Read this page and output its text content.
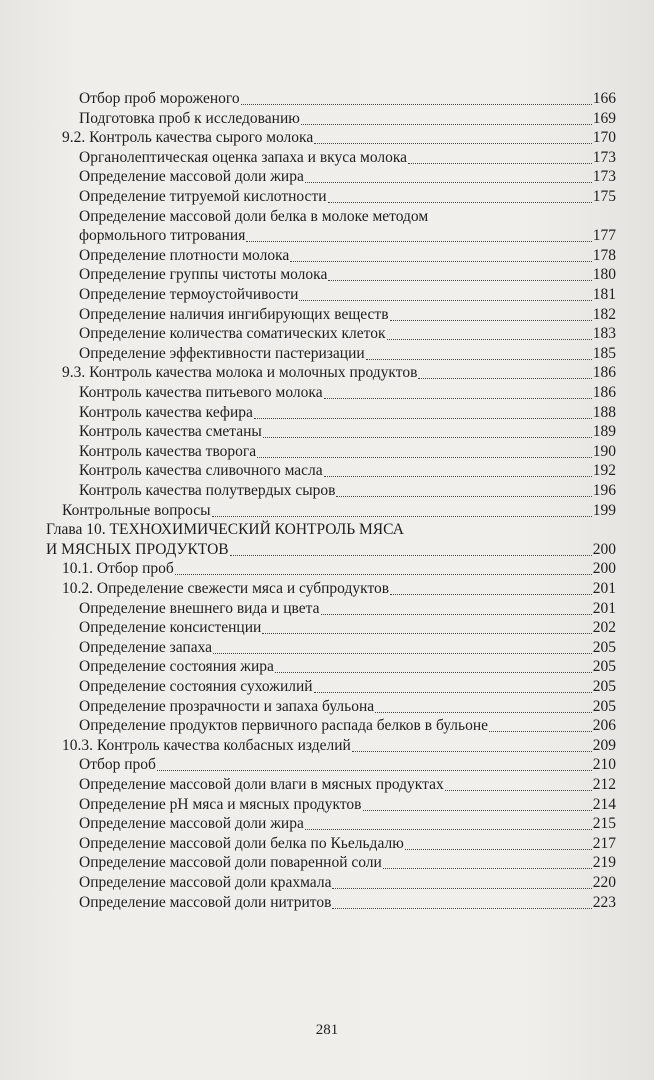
Отбор проб мороженого	166
Подготовка проб к исследованию	169
9.2. Контроль качества сырого молока	170
Органолептическая оценка запаха и вкуса молока	173
Определение массовой доли жира	173
Определение титруемой кислотности	175
Определение массовой доли белка в молоке методом
формольного титрования	177
Определение плотности молока	178
Определение группы чистоты молока	180
Определение термоустойчивости	181
Определение наличия ингибирующих веществ	182
Определение количества соматических клеток	183
Определение эффективности пастеризации	185
9.3. Контроль качества молока и молочных продуктов	186
Контроль качества питьевого молока	186
Контроль качества кефира	188
Контроль качества сметаны	189
Контроль качества творога	190
Контроль качества сливочного масла	192
Контроль качества полутвердых сыров	196
Контрольные вопросы	199
Глава 10. ТЕХНОХИМИЧЕСКИЙ КОНТРОЛЬ МЯСА
И МЯСНЫХ ПРОДУКТОВ	200
10.1. Отбор проб	200
10.2. Определение свежести мяса и субпродуктов	201
Определение внешнего вида и цвета	201
Определение консистенции	202
Определение запаха	205
Определение состояния жира	205
Определение состояния сухожилий	205
Определение прозрачности и запаха бульона	205
Определение продуктов первичного распада белков в бульоне	206
10.3. Контроль качества колбасных изделий	209
Отбор проб	210
Определение массовой доли влаги в мясных продуктах	212
Определение pH мяса и мясных продуктов	214
Определение массовой доли жира	215
Определение массовой доли белка по Кьельдалю	217
Определение массовой доли поваренной соли	219
Определение массовой доли крахмала	220
Определение массовой доли нитритов	223
281
